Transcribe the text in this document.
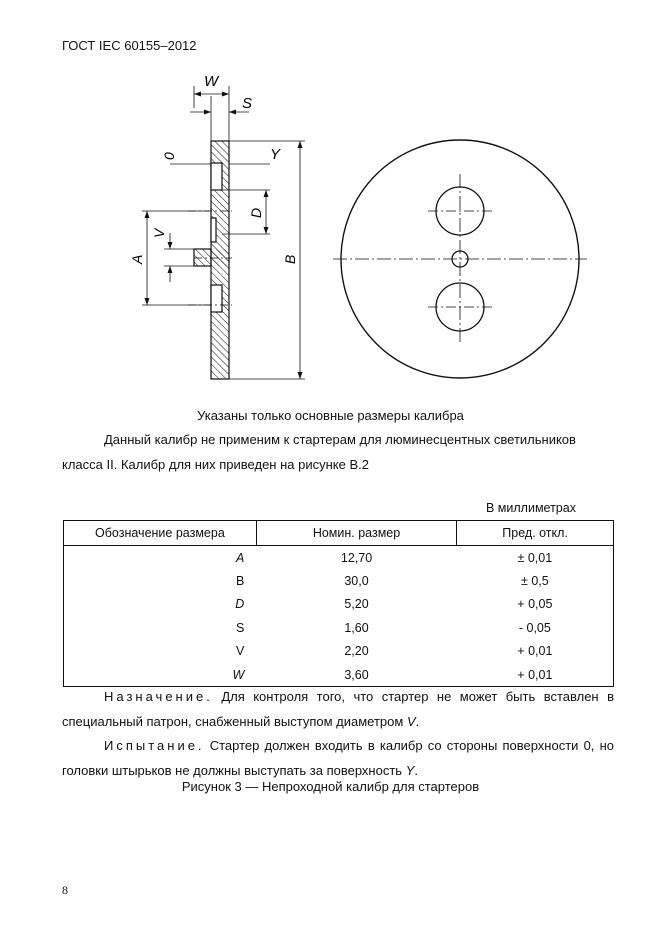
ГОСТ IEC 60155–2012
W
S
0	Y
D
V
A	B
Указаны только основные размеры калибра
Данный калибр не применим к стартерам для люминесцентных светильников
класса II. Калибр для них приведен на рисунке В.2
В миллиметрах
Обозначение размера	Номин. размер	Пред. откл.
A	12,70	± 0,01
B	30,0	± 0,5
D	5,20	+ 0,05
S	1,60	- 0,05
V	2,20	+ 0,01
W	3,60	+ 0,01
Назначение. Для контроля того, что стартер не может быть вставлен в специальный патрон, снабженный выступом диаметром V.
Испытание. Стартер должен входить в калибр со стороны поверхности 0, но головки штырьков не должны выступать за поверхность Y.
Рисунок 3 — Непроходной калибр для стартеров
8
